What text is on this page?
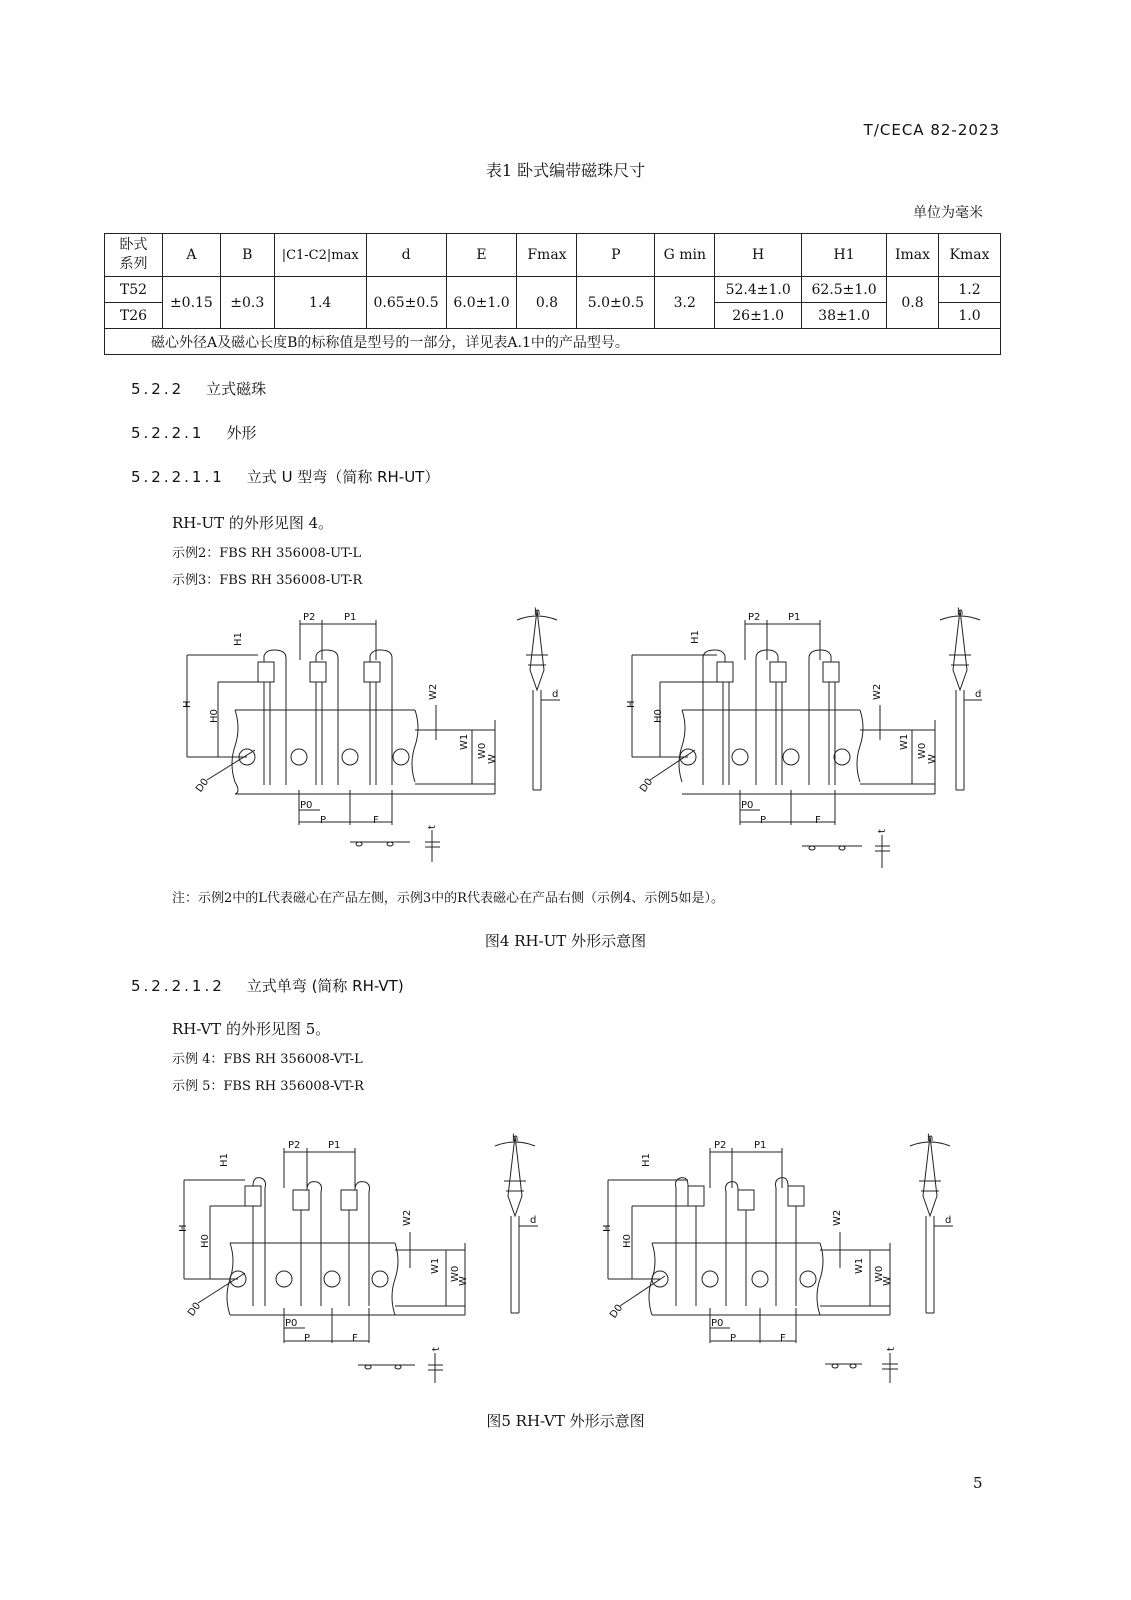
T/CECA 82-2023
表1 卧式编带磁珠尺寸
单位为毫米
卧式系列	A	B	|C1-C2|max	d	E	Fmax	P	G min	H	H1	Imax	Kmax
T52	±0.15	±0.3	1.4	0.65±0.5	6.0±1.0	0.8	5.0±0.5	3.2	52.4±1.0	62.5±1.0	0.8	1.2
T26									26±1.0	38±1.0		1.0
磁心外径A及磁心长度B的标称值是型号的一部分，详见表A.1中的产品型号。												
5.2.2 立式磁珠
5.2.2.1 外形
5.2.2.1.1 立式 U 型弯（简称 RH-UT）
RH-UT 的外形见图 4。
示例2：FBS RH 356008-UT-L
示例3：FBS RH 356008-UT-R
H1
P2	P1
H
H0
W2
W1
W0
W
D0
P0
P	F
t
h
d
H1
P2	P1
H
H0
W2
W1
W0
W
D0
P0
P	F
t
h
d
注：示例2中的L代表磁心在产品左侧，示例3中的R代表磁心在产品右侧（示例4、示例5如是）。
图4 RH-UT 外形示意图
5.2.2.1.2 立式单弯 (简称 RH-VT)
RH-VT 的外形见图 5。
示例 4：FBS RH 356008-VT-L
示例 5：FBS RH 356008-VT-R
H1
P2	P1
H
H0
W2
W1 W0
W
D0
P0
P	F
t
h
d
H1
P2	P1
H
H0
W2
W1 W0
W
D0
P0
P	F
t
h
d
图5 RH-VT 外形示意图
5
